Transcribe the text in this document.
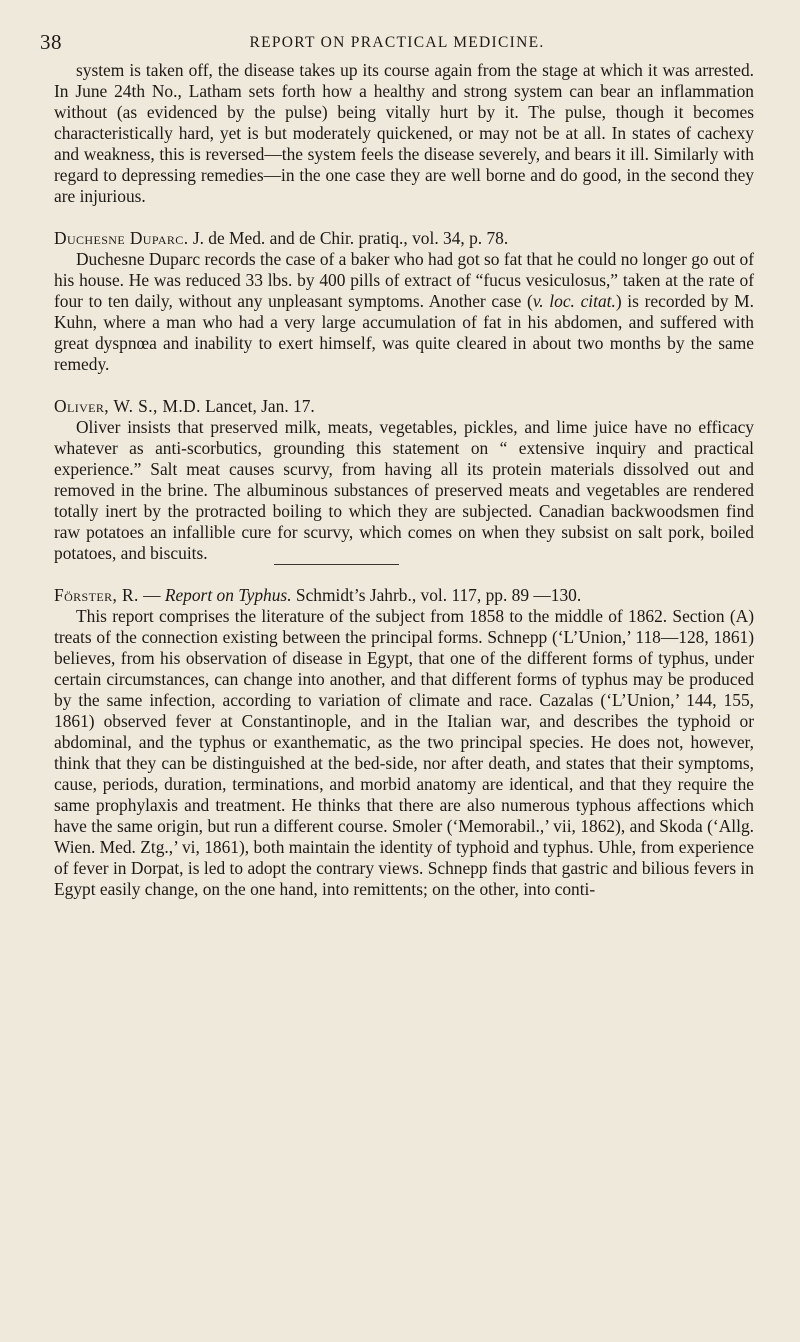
38	REPORT ON PRACTICAL MEDICINE.

system is taken off, the disease takes up its course again from the stage at which it was arrested. In June 24th No., Latham sets forth how a healthy and strong system can bear an inflammation without (as evidenced by the pulse) being vitally hurt by it. The pulse, though it becomes characteristically hard, yet is but moderately quickened, or may not be at all. In states of cachexy and weakness, this is reversed—the system feels the disease severely, and bears it ill. Similarly with regard to depressing remedies—in the one case they are well borne and do good, in the second they are injurious.

Duchesne Duparc. J. de Med. and de Chir. pratiq., vol. 34, p. 78.

Duchesne Duparc records the case of a baker who had got so fat that he could no longer go out of his house. He was reduced 33 lbs. by 400 pills of extract of “fucus vesiculosus,” taken at the rate of four to ten daily, without any unpleasant symptoms. Another case (v. loc. citat.) is recorded by M. Kuhn, where a man who had a very large accumulation of fat in his abdomen, and suffered with great dyspnœa and inability to exert himself, was quite cleared in about two months by the same remedy.

Oliver, W. S., M.D. Lancet, Jan. 17.

Oliver insists that preserved milk, meats, vegetables, pickles, and lime juice have no efficacy whatever as anti-scorbutics, grounding this statement on “ extensive inquiry and practical experience.” Salt meat causes scurvy, from having all its protein materials dissolved out and removed in the brine. The albuminous substances of preserved meats and vegetables are rendered totally inert by the protracted boiling to which they are subjected. Canadian backwoodsmen find raw potatoes an infallible cure for scurvy, which comes on when they subsist on salt pork, boiled potatoes, and biscuits.

Förster, R. — Report on Typhus. Schmidt’s Jahrb., vol. 117, pp. 89 —130.

This report comprises the literature of the subject from 1858 to the middle of 1862. Section (A) treats of the connection existing between the principal forms. Schnepp (‘L’Union,’ 118—128, 1861) believes, from his observation of disease in Egypt, that one of the different forms of typhus, under certain circumstances, can change into another, and that different forms of typhus may be produced by the same infection, according to variation of climate and race. Cazalas (‘L’Union,’ 144, 155, 1861) observed fever at Constantinople, and in the Italian war, and describes the typhoid or abdominal, and the typhus or exanthematic, as the two principal species. He does not, however, think that they can be distinguished at the bed-side, nor after death, and states that their symptoms, cause, periods, duration, terminations, and morbid anatomy are identical, and that they require the same prophylaxis and treatment. He thinks that there are also numerous typhous affections which have the same origin, but run a different course. Smoler (‘Memorabil.,’ vii, 1862), and Skoda (‘Allg. Wien. Med. Ztg.,’ vi, 1861), both maintain the identity of typhoid and typhus. Uhle, from experience of fever in Dorpat, is led to adopt the contrary views. Schnepp finds that gastric and bilious fevers in Egypt easily change, on the one hand, into remittents; on the other, into conti-
